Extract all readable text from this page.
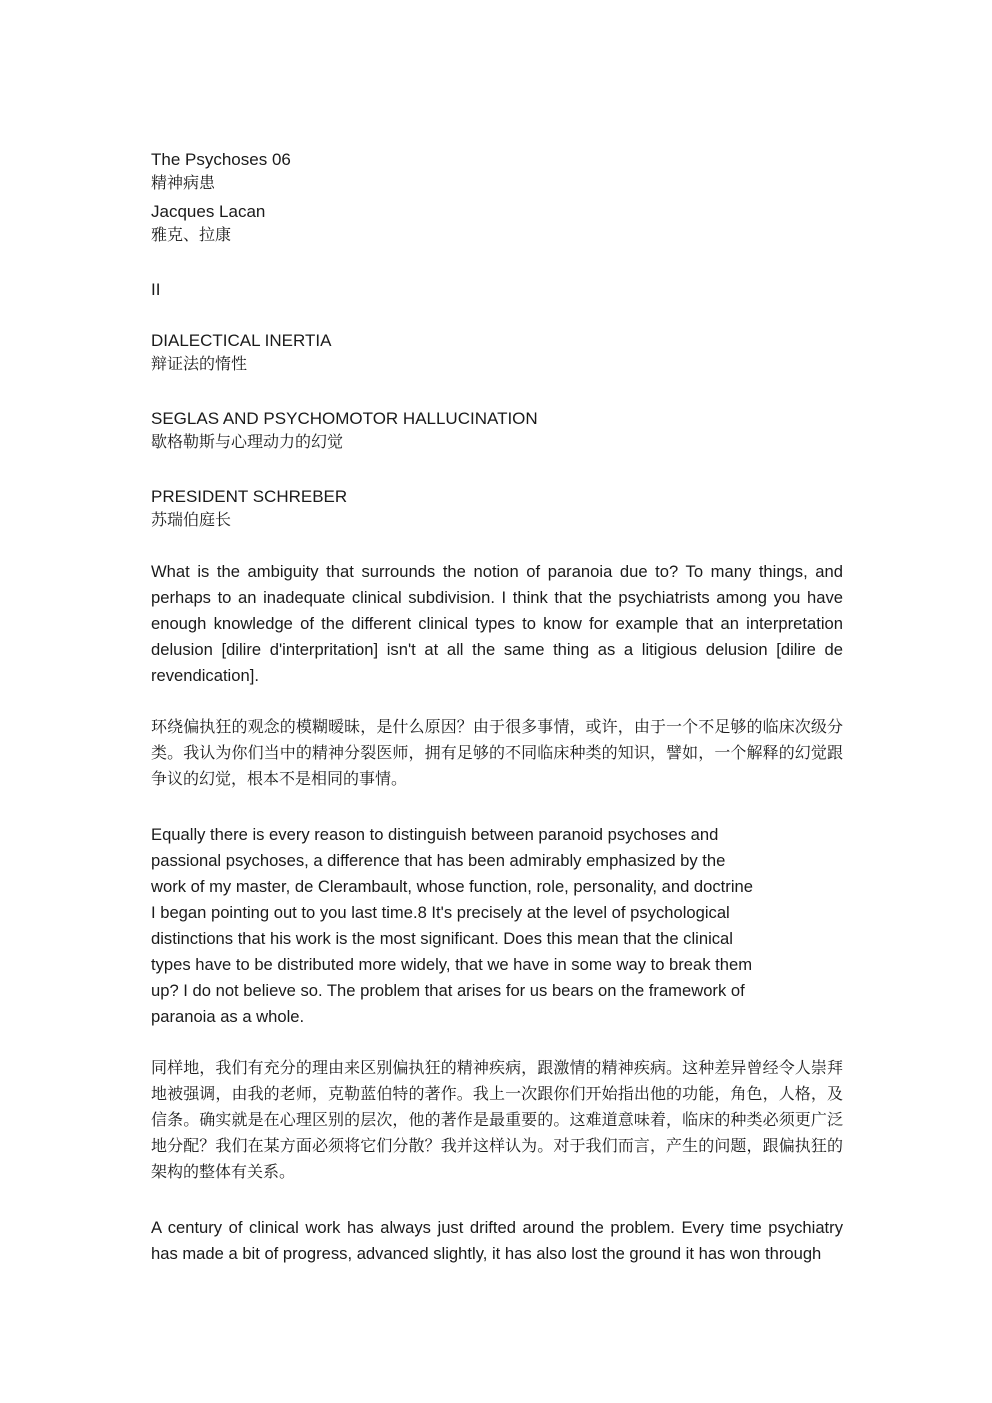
The Psychoses 06

精神病患

Jacques Lacan

雅克、拉康

II

DIALECTICAL INERTIA

辩证法的惰性

SEGLAS AND PSYCHOMOTOR HALLUCINATION

歇格勒斯与心理动力的幻觉

PRESIDENT SCHREBER

苏瑞伯庭长

What is the ambiguity that surrounds the notion of paranoia due to? To many things, and perhaps to an inadequate clinical subdivision. I think that the psychiatrists among you have enough knowledge of the different clinical types to know for example that an interpretation delusion [dilire d'interpritation] isn't at all the same thing as a litigious delusion [dilire de revendication].

环绕偏执狂的观念的模糊暧昧，是什么原因？由于很多事情，或许，由于一个不足够的临床次级分类。我认为你们当中的精神分裂医师，拥有足够的不同临床种类的知识，譬如，一个解释的幻觉跟争议的幻觉，根本不是相同的事情。

Equally there is every reason to distinguish between paranoid psychoses and passional psychoses, a difference that has been admirably emphasized by the work of my master, de Clerambault, whose function, role, personality, and doctrine I began pointing out to you last time.8 It's precisely at the level of psychological distinctions that his work is the most significant. Does this mean that the clinical types have to be distributed more widely, that we have in some way to break them up? I do not believe so. The problem that arises for us bears on the framework of paranoia as a whole.

同样地，我们有充分的理由来区别偏执狂的精神疾病，跟激情的精神疾病。这种差异曾经令人崇拜地被强调，由我的老师，克勒蓝伯特的著作。我上一次跟你们开始指出他的功能，角色，人格，及信条。确实就是在心理区别的层次，他的著作是最重要的。这难道意味着，临床的种类必须更广泛地分配？我们在某方面必须将它们分散？我并这样认为。对于我们而言，产生的问题，跟偏执狂的架构的整体有关系。

A century of clinical work has always just drifted around the problem. Every time psychiatry has made a bit of progress, advanced slightly, it has also lost the ground it has won through
